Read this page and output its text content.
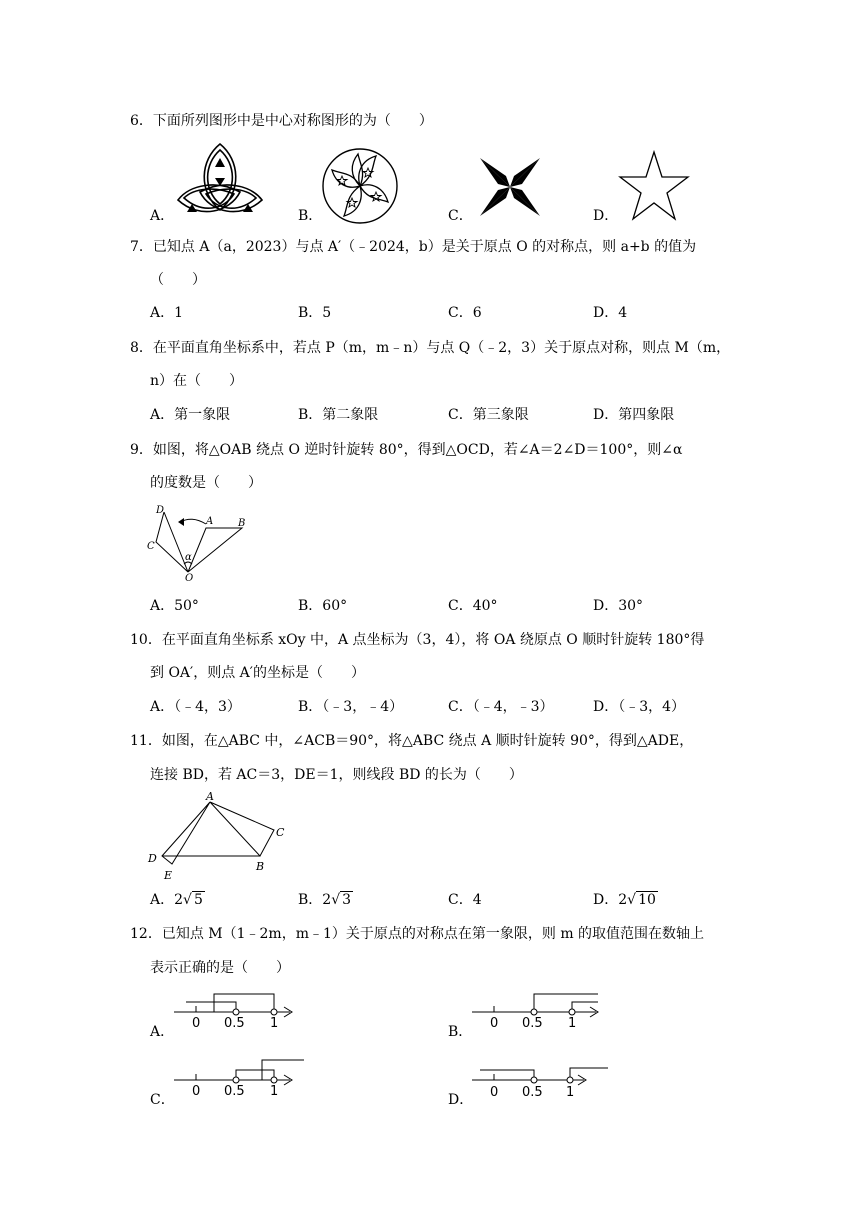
6．下面所列图形中是中心对称图形的为（　　）
A．	B．	C．	D．
7．已知点 A（a，2023）与点 A′（﹣2024，b）是关于原点 O 的对称点，则 a+b 的值为
（　　）
A．1	B．5	C．6	D．4
8．在平面直角坐标系中，若点 P（m，m﹣n）与点 Q（﹣2，3）关于原点对称，则点 M（m，
n）在（　　）
A．第一象限	B．第二象限	C．第三象限	D．第四象限
9．如图，将△OAB 绕点 O 逆时针旋转 80°，得到△OCD，若∠A＝2∠D＝100°，则∠α
的度数是（　　）
D
A B
C
α
O
A．50°	B．60°	C．40°	D．30°
10．在平面直角坐标系 xOy 中，A 点坐标为（3，4），将 OA 绕原点 O 顺时针旋转 180°得
到 OA′，则点 A′的坐标是（　　）
A．（﹣4，3）	B．（﹣3，﹣4）	C．（﹣4，﹣3）	D．（﹣3，4）
11．如图，在△ABC 中，∠ACB＝90°，将△ABC 绕点 A 顺时针旋转 90°，得到△ADE，
连接 BD，若 AC＝3，DE＝1，则线段 BD 的长为（　　）
A
C
D
B
E
A．2√ 5	B．2√ 3	C．4	D．2√ 10
12．已知点 M（1﹣2m，m﹣1）关于原点的对称点在第一象限，则 m 的取值范围在数轴上
表示正确的是（　　）
A．
0 0.5 1
B．
0 0.5 1
C．
0 0.5 1
D． 0 0.5 1
